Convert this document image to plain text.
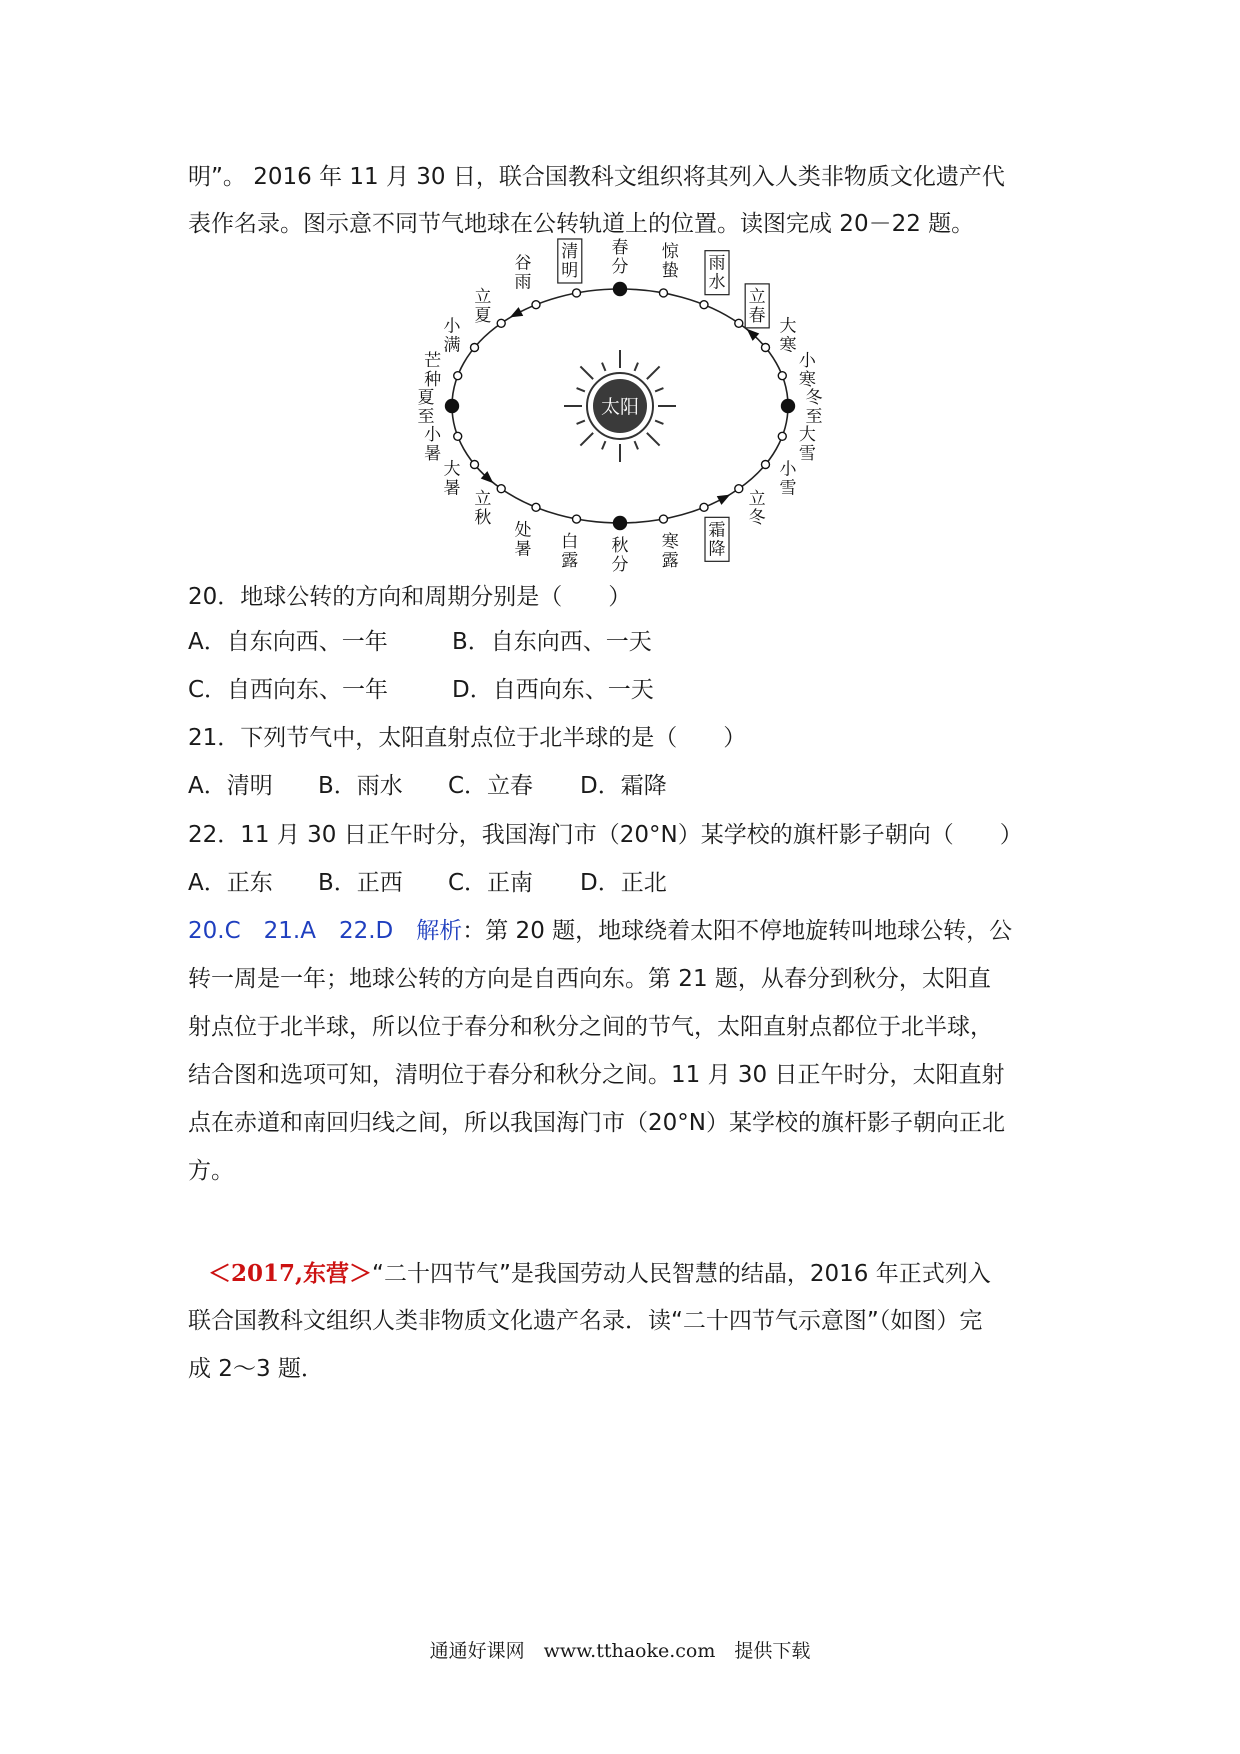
明”。 2016 年 11 月 30 日，联合国教科文组织将其列入人类非物质文化遗产代
表作名录。图示意不同节气地球在公转轨道上的位置。读图完成 20－22 题。
太阳
春
分
惊
蛰 雨
水
立
春
大
寒
小
寒
冬
至
大
雪
小
雪
立
冬
霜
降
寒
露
秋
分
白
露
处
暑
立
秋
大
暑
小
暑
夏
至
芒
种
小
满
立
夏
谷
雨
清
明
20．地球公转的方向和周期分别是（　　）
A．自东向西、一年	B．自东向西、一天
C．自西向东、一年	D．自西向东、一天
21．下列节气中，太阳直射点位于北半球的是（　　）
A．清明 B．雨水 C．立春 D．霜降
22．11 月 30 日正午时分，我国海门市（20°N）某学校的旗杆影子朝向（　　）
A．正东 B．正西 C．正南 D．正北
20.C　21.A　22.D　解析：第 20 题，地球绕着太阳不停地旋转叫地球公转，公
转一周是一年；地球公转的方向是自西向东。第 21 题，从春分到秋分，太阳直
射点位于北半球，所以位于春分和秋分之间的节气，太阳直射点都位于北半球，
结合图和选项可知，清明位于春分和秋分之间。11 月 30 日正午时分，太阳直射
点在赤道和南回归线之间，所以我国海门市（20°N）某学校的旗杆影子朝向正北
方。
＜2017,东营＞“二十四节气”是我国劳动人民智慧的结晶，2016 年正式列入
联合国教科文组织人类非物质文化遗产名录．读“二十四节气示意图”（如图）完
成 2～3 题．
通通好课网　www.tthaoke.com　提供下载
